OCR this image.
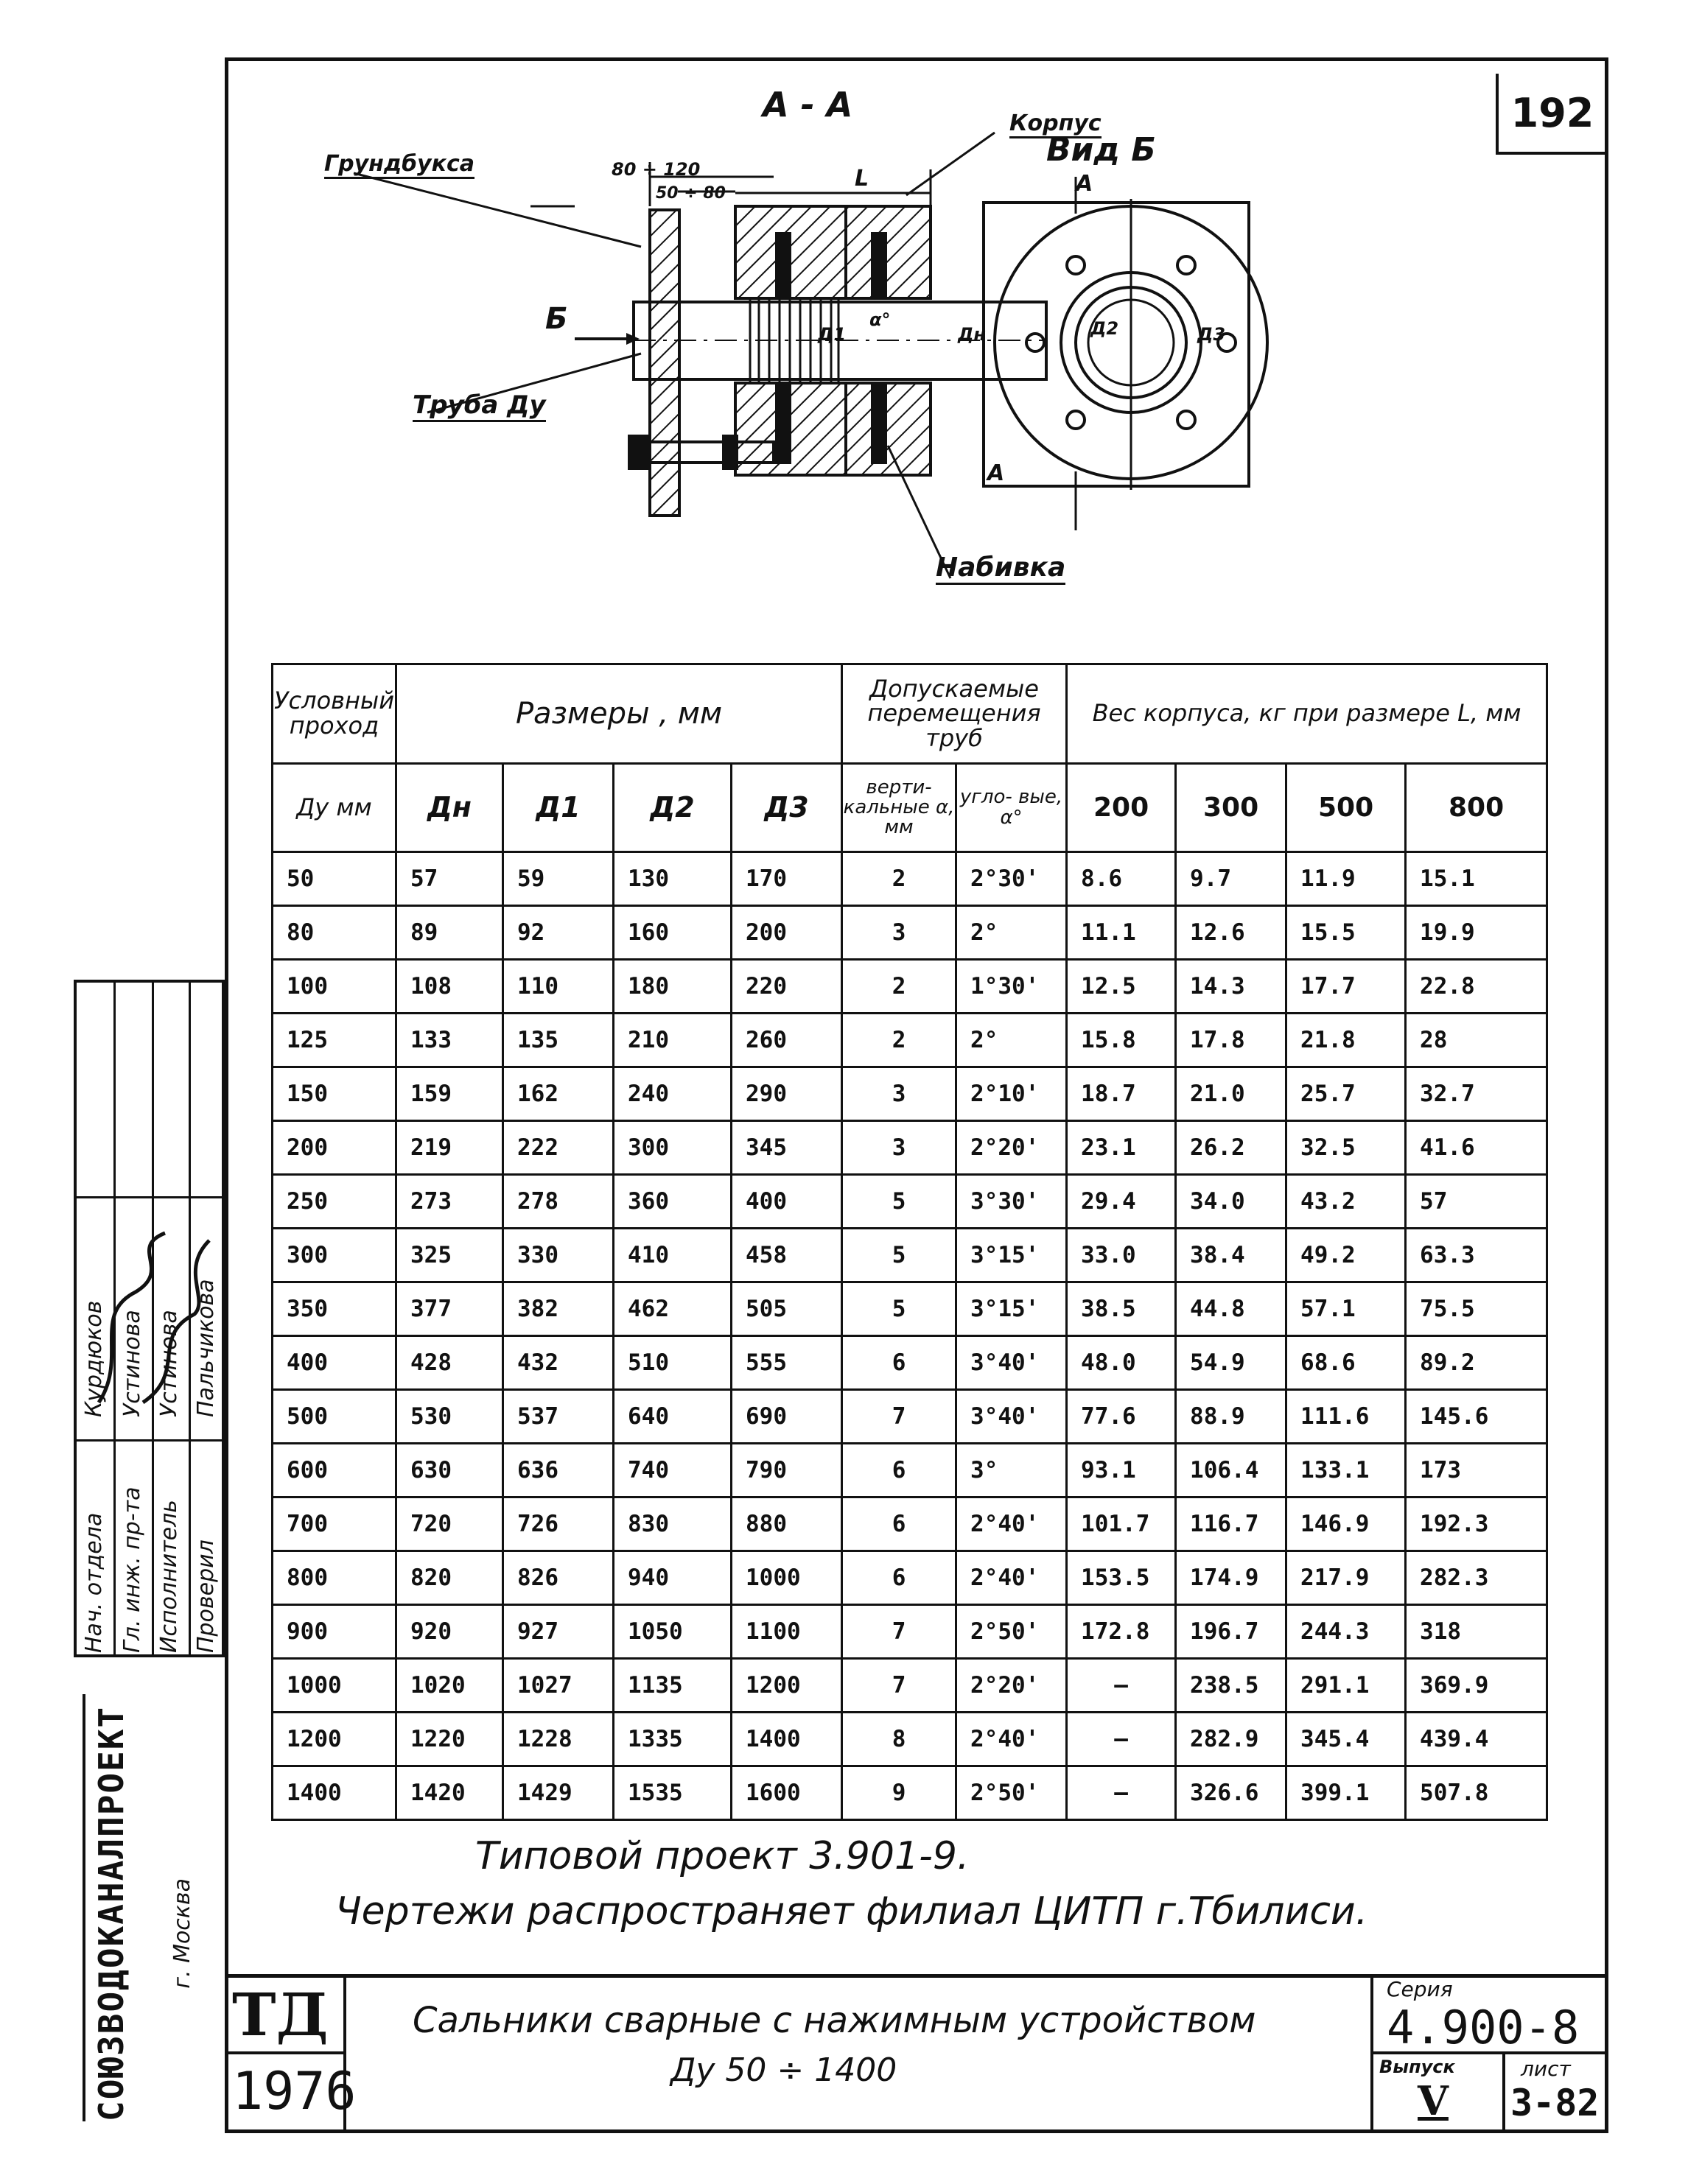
192
А - А
Вид Б
Грундбукса
Корпус
Труба Ду
Набивка
Б
А
А
80 ÷ 120
50 ÷ 80
L
α°
Дн
Д1	Д2	Д3
Условный проход	Размеры , мм				Допускаемые перемещения труб		Вес корпуса, кг при размере L, мм			
Ду мм	Дн	Д1	Д2	Д3	верти- кальные α, мм	угло- вые, α°	200	300	500	800
50	57	59	130	170	2	2°30'	8.6	9.7	11.9	15.1
80	89	92	160	200	3	2°	11.1	12.6	15.5	19.9
100	108	110	180	220	2	1°30'	12.5	14.3	17.7	22.8
125	133	135	210	260	2	2°	15.8	17.8	21.8	28
150	159	162	240	290	3	2°10'	18.7	21.0	25.7	32.7
200	219	222	300	345	3	2°20'	23.1	26.2	32.5	41.6
250	273	278	360	400	5	3°30'	29.4	34.0	43.2	57
300	325	330	410	458	5	3°15'	33.0	38.4	49.2	63.3
350	377	382	462	505	5	3°15'	38.5	44.8	57.1	75.5
400	428	432	510	555	6	3°40'	48.0	54.9	68.6	89.2
500	530	537	640	690	7	3°40'	77.6	88.9	111.6	145.6
600	630	636	740	790	6	3°	93.1	106.4	133.1	173
700	720	726	830	880	6	2°40'	101.7	116.7	146.9	192.3
800	820	826	940	1000	6	2°40'	153.5	174.9	217.9	282.3
900	920	927	1050	1100	7	2°50'	172.8	196.7	244.3	318
1000	1020	1027	1135	1200	7	2°20'	—	238.5	291.1	369.9
1200	1220	1228	1335	1400	8	2°40'	—	282.9	345.4	439.4
1400	1420	1429	1535	1600	9	2°50'	—	326.6	399.1	507.8
Типовой проект 3.901-9.
Чертежи распространяет филиал ЦИТП г.Тбилиси.
СОЮЗВОДОКАНАЛПРОЕКТ г. Москва
Курдюков Устинова Устинова Пальчикова
Нач. отдела Гл. инж. пр-та Исполнитель Проверил
ТД
1976
Сальники сварные с нажимным устройством
Ду 50 ÷ 1400
Серия
4.900-8
Выпуск
V
лист
3-82
